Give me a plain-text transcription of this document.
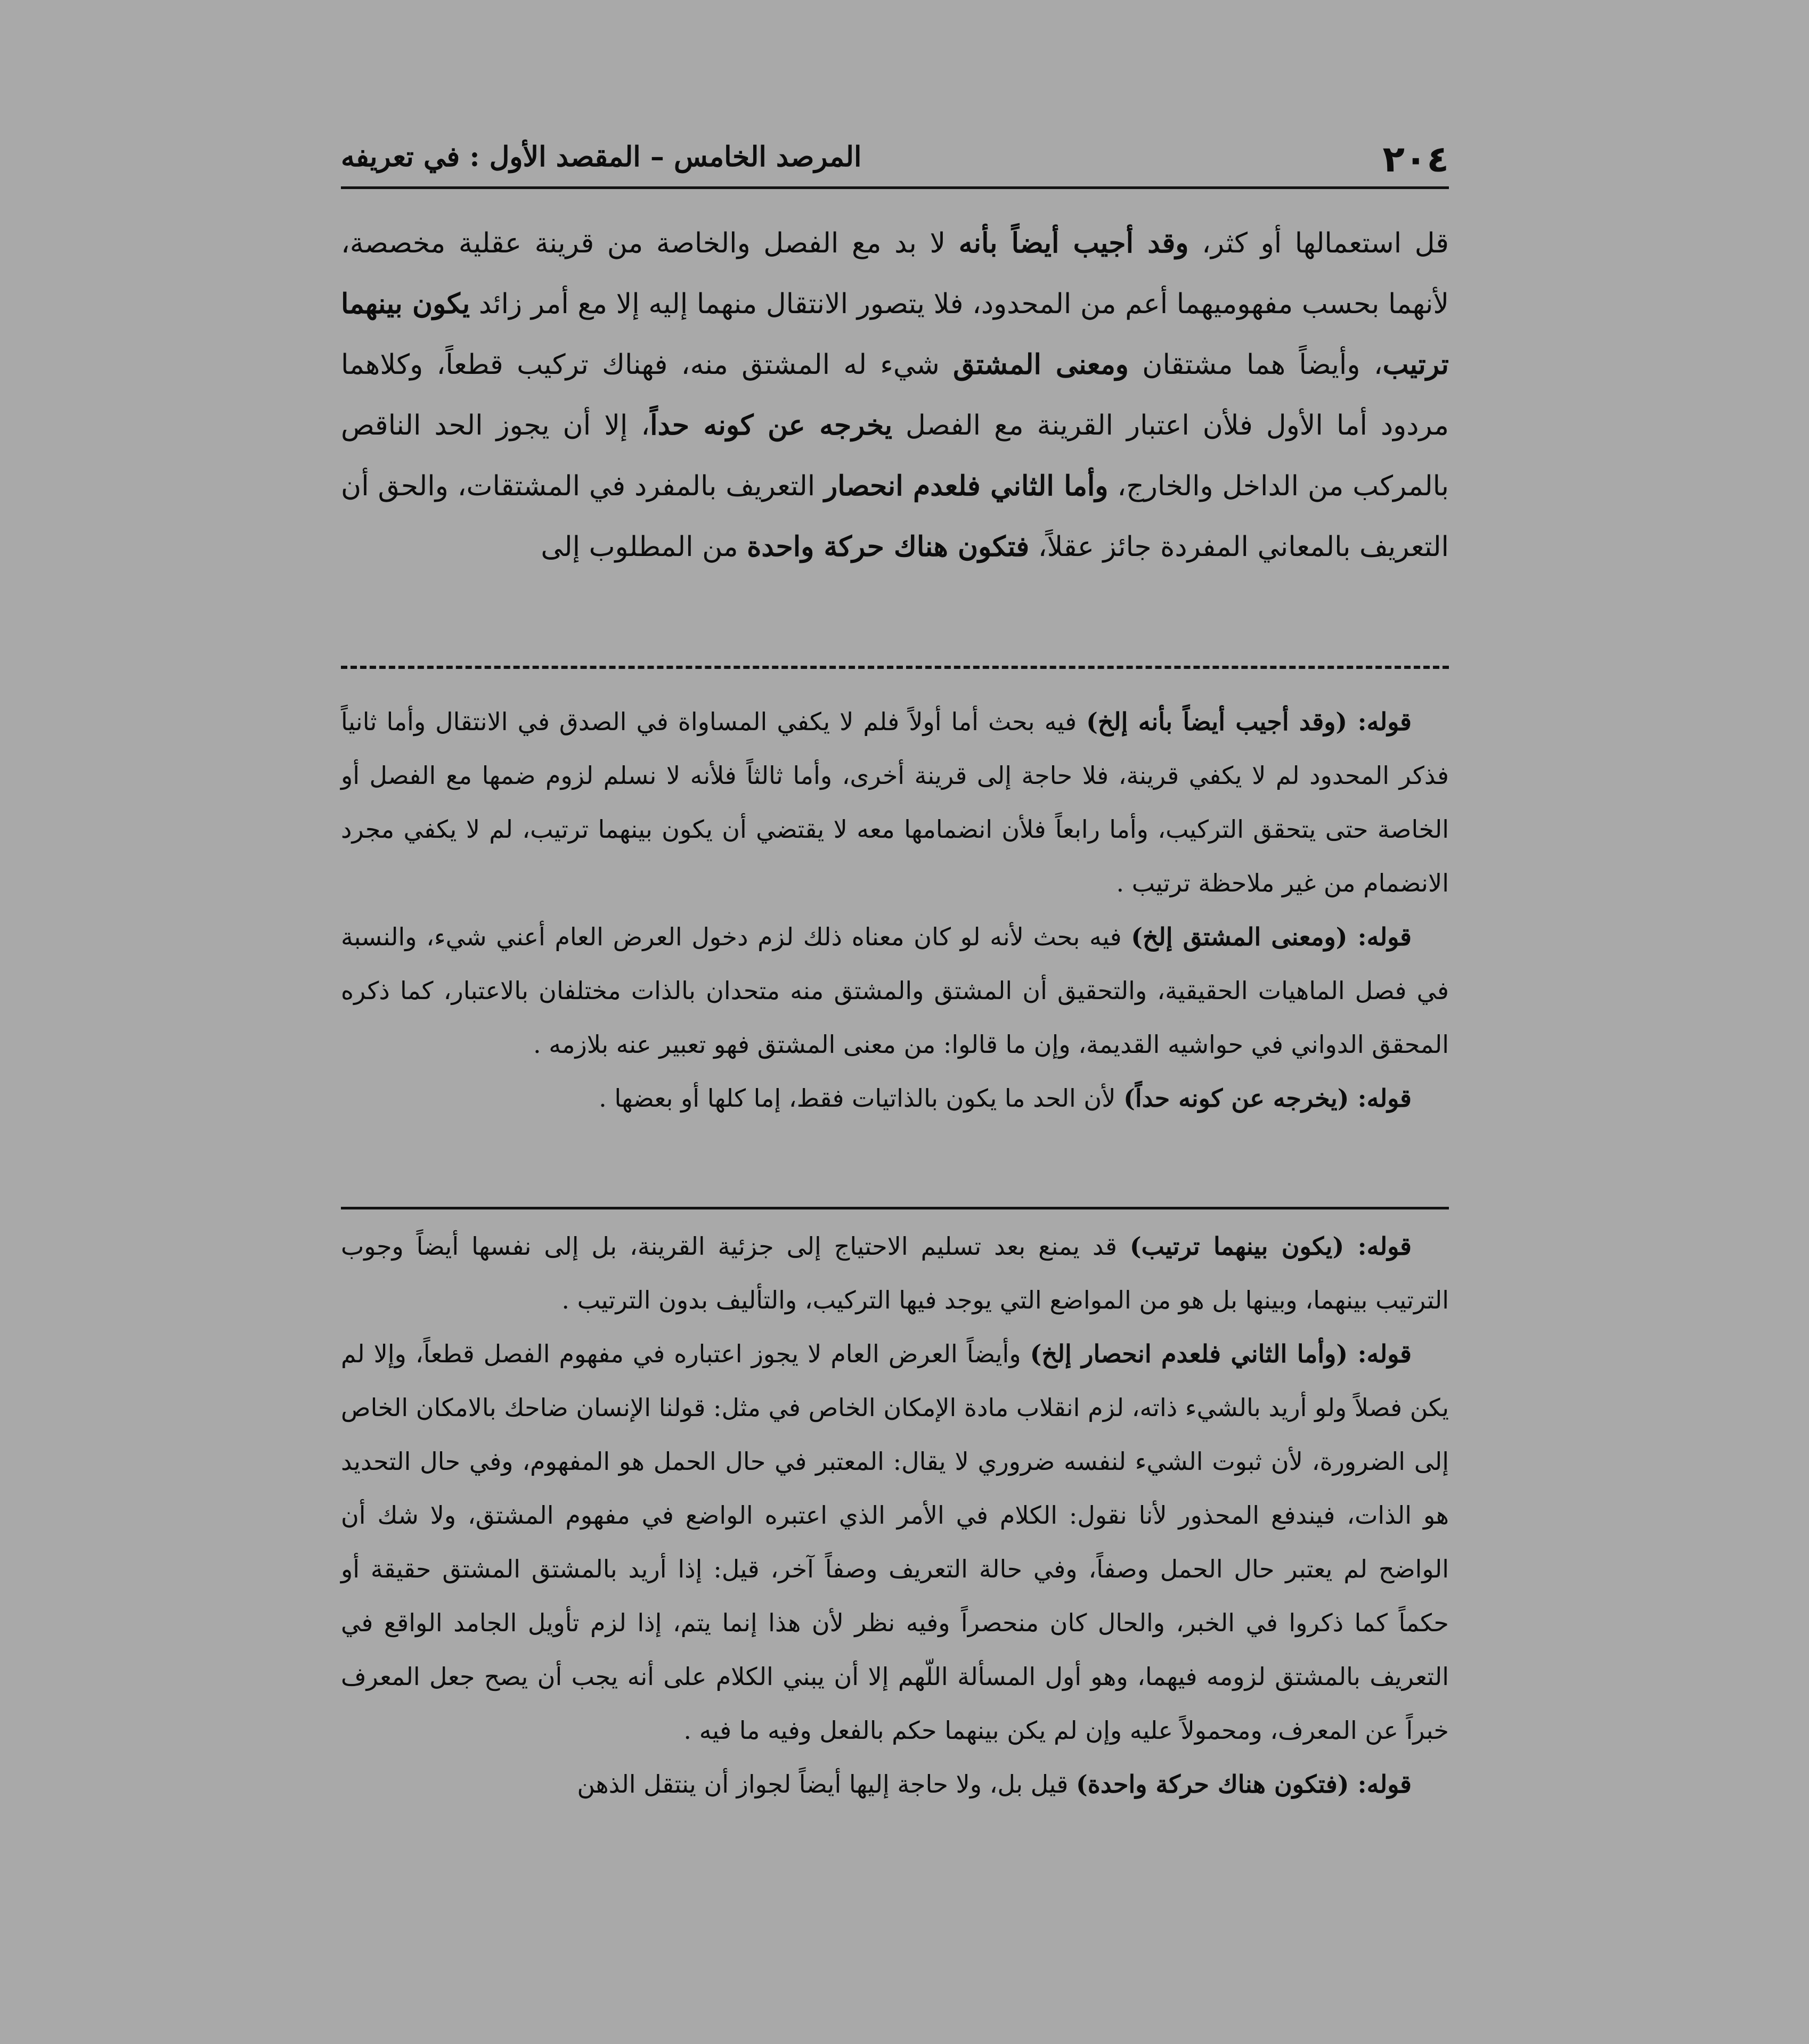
٢٠٤
المرصد الخامس – المقصد الأول : في تعريفه

قل استعمالها أو كثر، وقد أجيب أيضاً بأنه لا بد مع الفصل والخاصة من قرينة عقلية مخصصة، لأنهما بحسب مفهوميهما أعم من المحدود، فلا يتصور الانتقال منهما إليه إلا مع أمر زائد يكون بينهما ترتيب، وأيضاً هما مشتقان ومعنى المشتق شيء له المشتق منه، فهناك تركيب قطعاً، وكلاهما مردود أما الأول فلأن اعتبار القرينة مع الفصل يخرجه عن كونه حداً، إلا أن يجوز الحد الناقص بالمركب من الداخل والخارج، وأما الثاني فلعدم انحصار التعريف بالمفرد في المشتقات، والحق أن التعريف بالمعاني المفردة جائز عقلاً، فتكون هناك حركة واحدة من المطلوب إلى

قوله: (وقد أجيب أيضاً بأنه إلخ) فيه بحث أما أولاً فلم لا يكفي المساواة في الصدق في الانتقال وأما ثانياً فذكر المحدود لم لا يكفي قرينة، فلا حاجة إلى قرينة أخرى، وأما ثالثاً فلأنه لا نسلم لزوم ضمها مع الفصل أو الخاصة حتى يتحقق التركيب، وأما رابعاً فلأن انضمامها معه لا يقتضي أن يكون بينهما ترتيب، لم لا يكفي مجرد الانضمام من غير ملاحظة ترتيب .

قوله: (ومعنى المشتق إلخ) فيه بحث لأنه لو كان معناه ذلك لزم دخول العرض العام أعني شيء، والنسبة في فصل الماهيات الحقيقية، والتحقيق أن المشتق والمشتق منه متحدان بالذات مختلفان بالاعتبار، كما ذكره المحقق الدواني في حواشيه القديمة، وإن ما قالوا: من معنى المشتق فهو تعبير عنه بلازمه .

قوله: (يخرجه عن كونه حداً) لأن الحد ما يكون بالذاتيات فقط، إما كلها أو بعضها .

قوله: (يكون بينهما ترتيب) قد يمنع بعد تسليم الاحتياج إلى جزئية القرينة، بل إلى نفسها أيضاً وجوب الترتيب بينهما، وبينها بل هو من المواضع التي يوجد فيها التركيب، والتأليف بدون الترتيب .

قوله: (وأما الثاني فلعدم انحصار إلخ) وأيضاً العرض العام لا يجوز اعتباره في مفهوم الفصل قطعاً، وإلا لم يكن فصلاً ولو أريد بالشيء ذاته، لزم انقلاب مادة الإمكان الخاص في مثل: قولنا الإنسان ضاحك بالامكان الخاص إلى الضرورة، لأن ثبوت الشيء لنفسه ضروري لا يقال: المعتبر في حال الحمل هو المفهوم، وفي حال التحديد هو الذات، فيندفع المحذور لأنا نقول: الكلام في الأمر الذي اعتبره الواضع في مفهوم المشتق، ولا شك أن الواضح لم يعتبر حال الحمل وصفاً، وفي حالة التعريف وصفاً آخر، قيل: إذا أريد بالمشتق المشتق حقيقة أو حكماً كما ذكروا في الخبر، والحال كان منحصراً وفيه نظر لأن هذا إنما يتم، إذا لزم تأويل الجامد الواقع في التعريف بالمشتق لزومه فيهما، وهو أول المسألة اللّهم إلا أن يبني الكلام على أنه يجب أن يصح جعل المعرف خبراً عن المعرف، ومحمولاً عليه وإن لم يكن بينهما حكم بالفعل وفيه ما فيه .

قوله: (فتكون هناك حركة واحدة) قيل بل، ولا حاجة إليها أيضاً لجواز أن ينتقل الذهن
